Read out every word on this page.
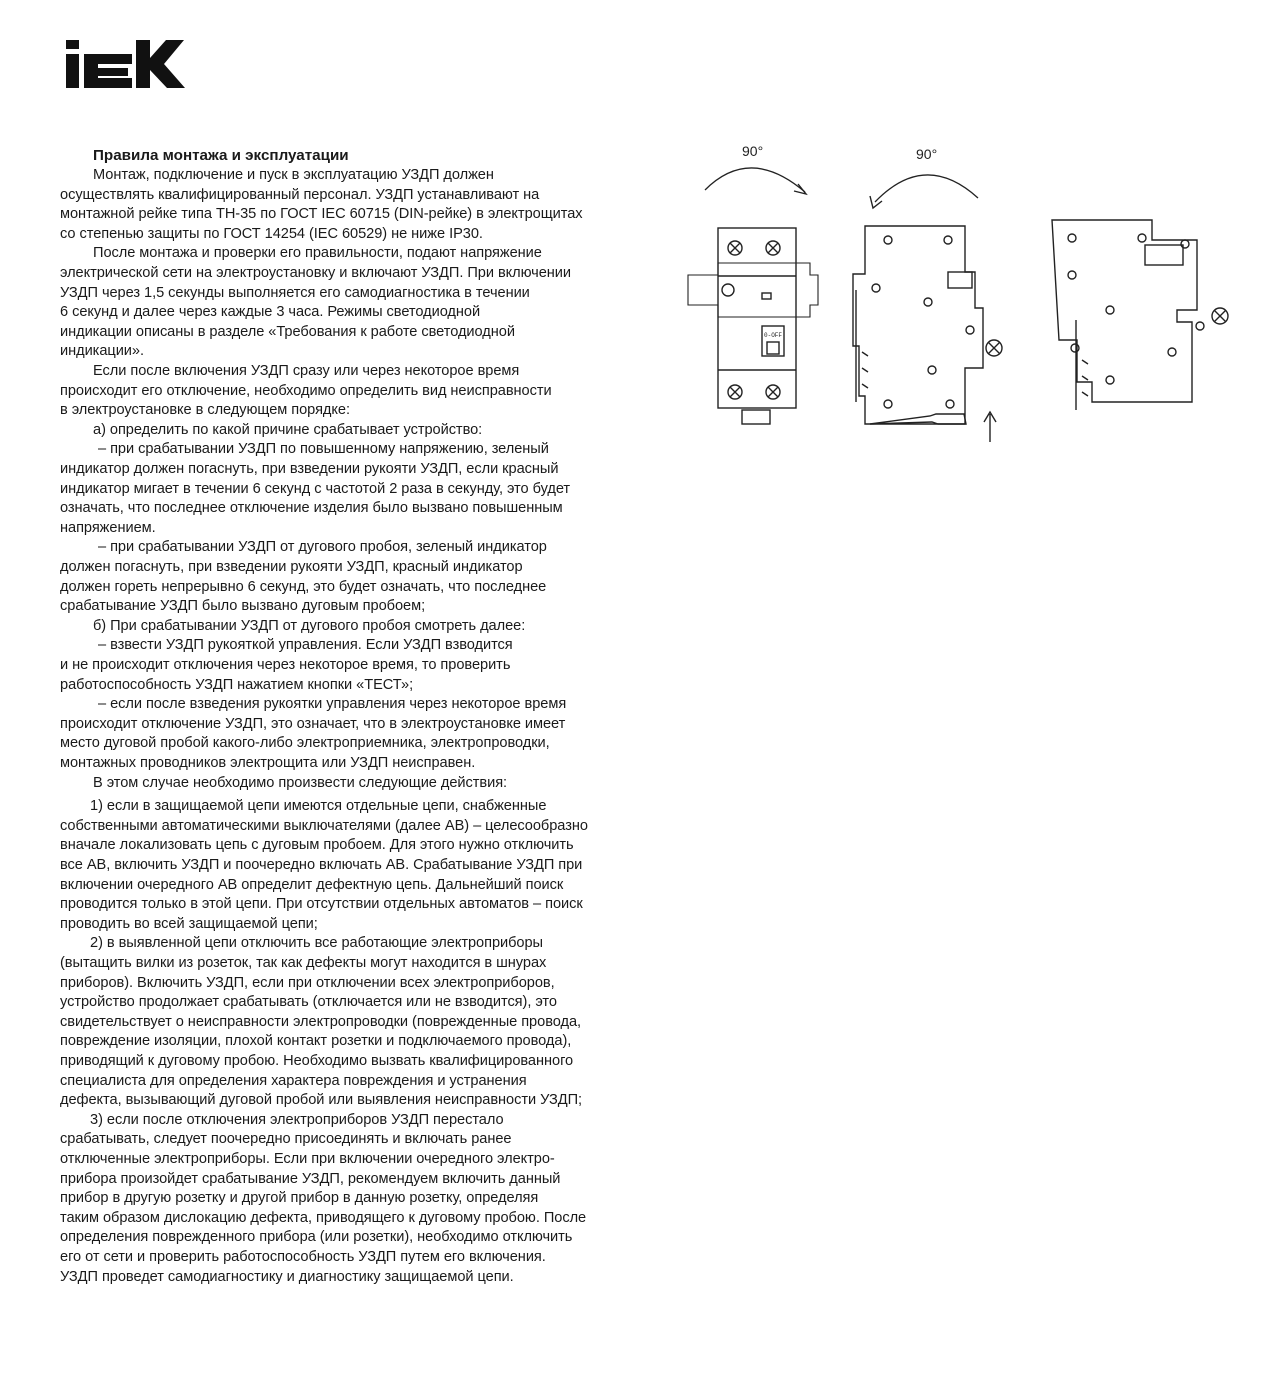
Правила монтажа и эксплуатации
Монтаж, подключение и пуск в эксплуатацию УЗДП должен
осуществлять квалифицированный персонал. УЗДП устанавливают на
монтажной рейке типа ТН-35 по ГОСТ IEC 60715 (DIN-рейке) в электрощитах
со степенью защиты по ГОСТ 14254 (IEC 60529) не ниже IP30.
После монтажа и проверки его правильности, подают напряжение
электрической сети на электроустановку и включают УЗДП. При включении
УЗДП через 1,5 секунды выполняется его самодиагностика в течении
6 секунд и далее через каждые 3 часа. Режимы светодиодной
индикации описаны в разделе «Требования к работе светодиодной
индикации».
Если после включения УЗДП сразу или через некоторое время
происходит его отключение, необходимо определить вид неисправности
в электроустановке в следующем порядке:
а) определить по какой причине срабатывает устройство:
– при срабатывании УЗДП по повышенному напряжению, зеленый
индикатор должен погаснуть, при взведении рукояти УЗДП, если красный
индикатор мигает в течении 6 секунд с частотой 2 раза в секунду, это будет
означать, что последнее отключение изделия было вызвано повышенным
напряжением.
– при срабатывании УЗДП от дугового пробоя, зеленый индикатор
должен погаснуть, при взведении рукояти УЗДП, красный индикатор
должен гореть непрерывно 6 секунд, это будет означать, что последнее
срабатывание УЗДП было вызвано дуговым пробоем;
б) При срабатывании УЗДП от дугового пробоя смотреть далее:
– взвести УЗДП рукояткой управления. Если УЗДП взводится
и не происходит отключения через некоторое время, то проверить
работоспособность УЗДП нажатием кнопки «ТЕСТ»;
– если после взведения рукоятки управления через некоторое время
происходит отключение УЗДП, это означает, что в электроустановке имеет
место дуговой пробой какого-либо электроприемника, электропроводки,
монтажных проводников электрощита или УЗДП неисправен.
В этом случае необходимо произвести следующие действия:
1) если в защищаемой цепи имеются отдельные цепи, снабженные
собственными автоматическими выключателями (далее АВ) – целесообразно
вначале локализовать цепь с дуговым пробоем. Для этого нужно отключить
все АВ, включить УЗДП и поочередно включать АВ. Срабатывание УЗДП при
включении очередного АВ определит дефектную цепь. Дальнейший поиск
проводится только в этой цепи. При отсутствии отдельных автоматов – поиск
проводить во всей защищаемой цепи;
2) в выявленной цепи отключить все работающие электроприборы
(вытащить вилки из розеток, так как дефекты могут находится в шнурах
приборов). Включить УЗДП, если при отключении всех электроприборов,
устройство продолжает срабатывать (отключается или не взводится), это
свидетельствует о неисправности электропроводки (поврежденные провода,
повреждение изоляции, плохой контакт розетки и подключаемого провода),
приводящий к дуговому пробою. Необходимо вызвать квалифицированного
специалиста для определения характера повреждения и устранения
дефекта, вызывающий дуговой пробой или выявления неисправности УЗДП;
3) если после отключения электроприборов УЗДП перестало
срабатывать, следует поочередно присоединять и включать ранее
отключенные электроприборы. Если при включении очередного электро-
прибора произойдет срабатывание УЗДП, рекомендуем включить данный
прибор в другую розетку и другой прибор в данную розетку, определяя
таким образом дислокацию дефекта, приводящего к дуговому пробою. После
определения поврежденного прибора (или розетки), необходимо отключить
его от сети и проверить работоспособность УЗДП путем его включения.
УЗДП проведет самодиагностику и диагностику защищаемой цепи.
90°	90°
0-OFF
